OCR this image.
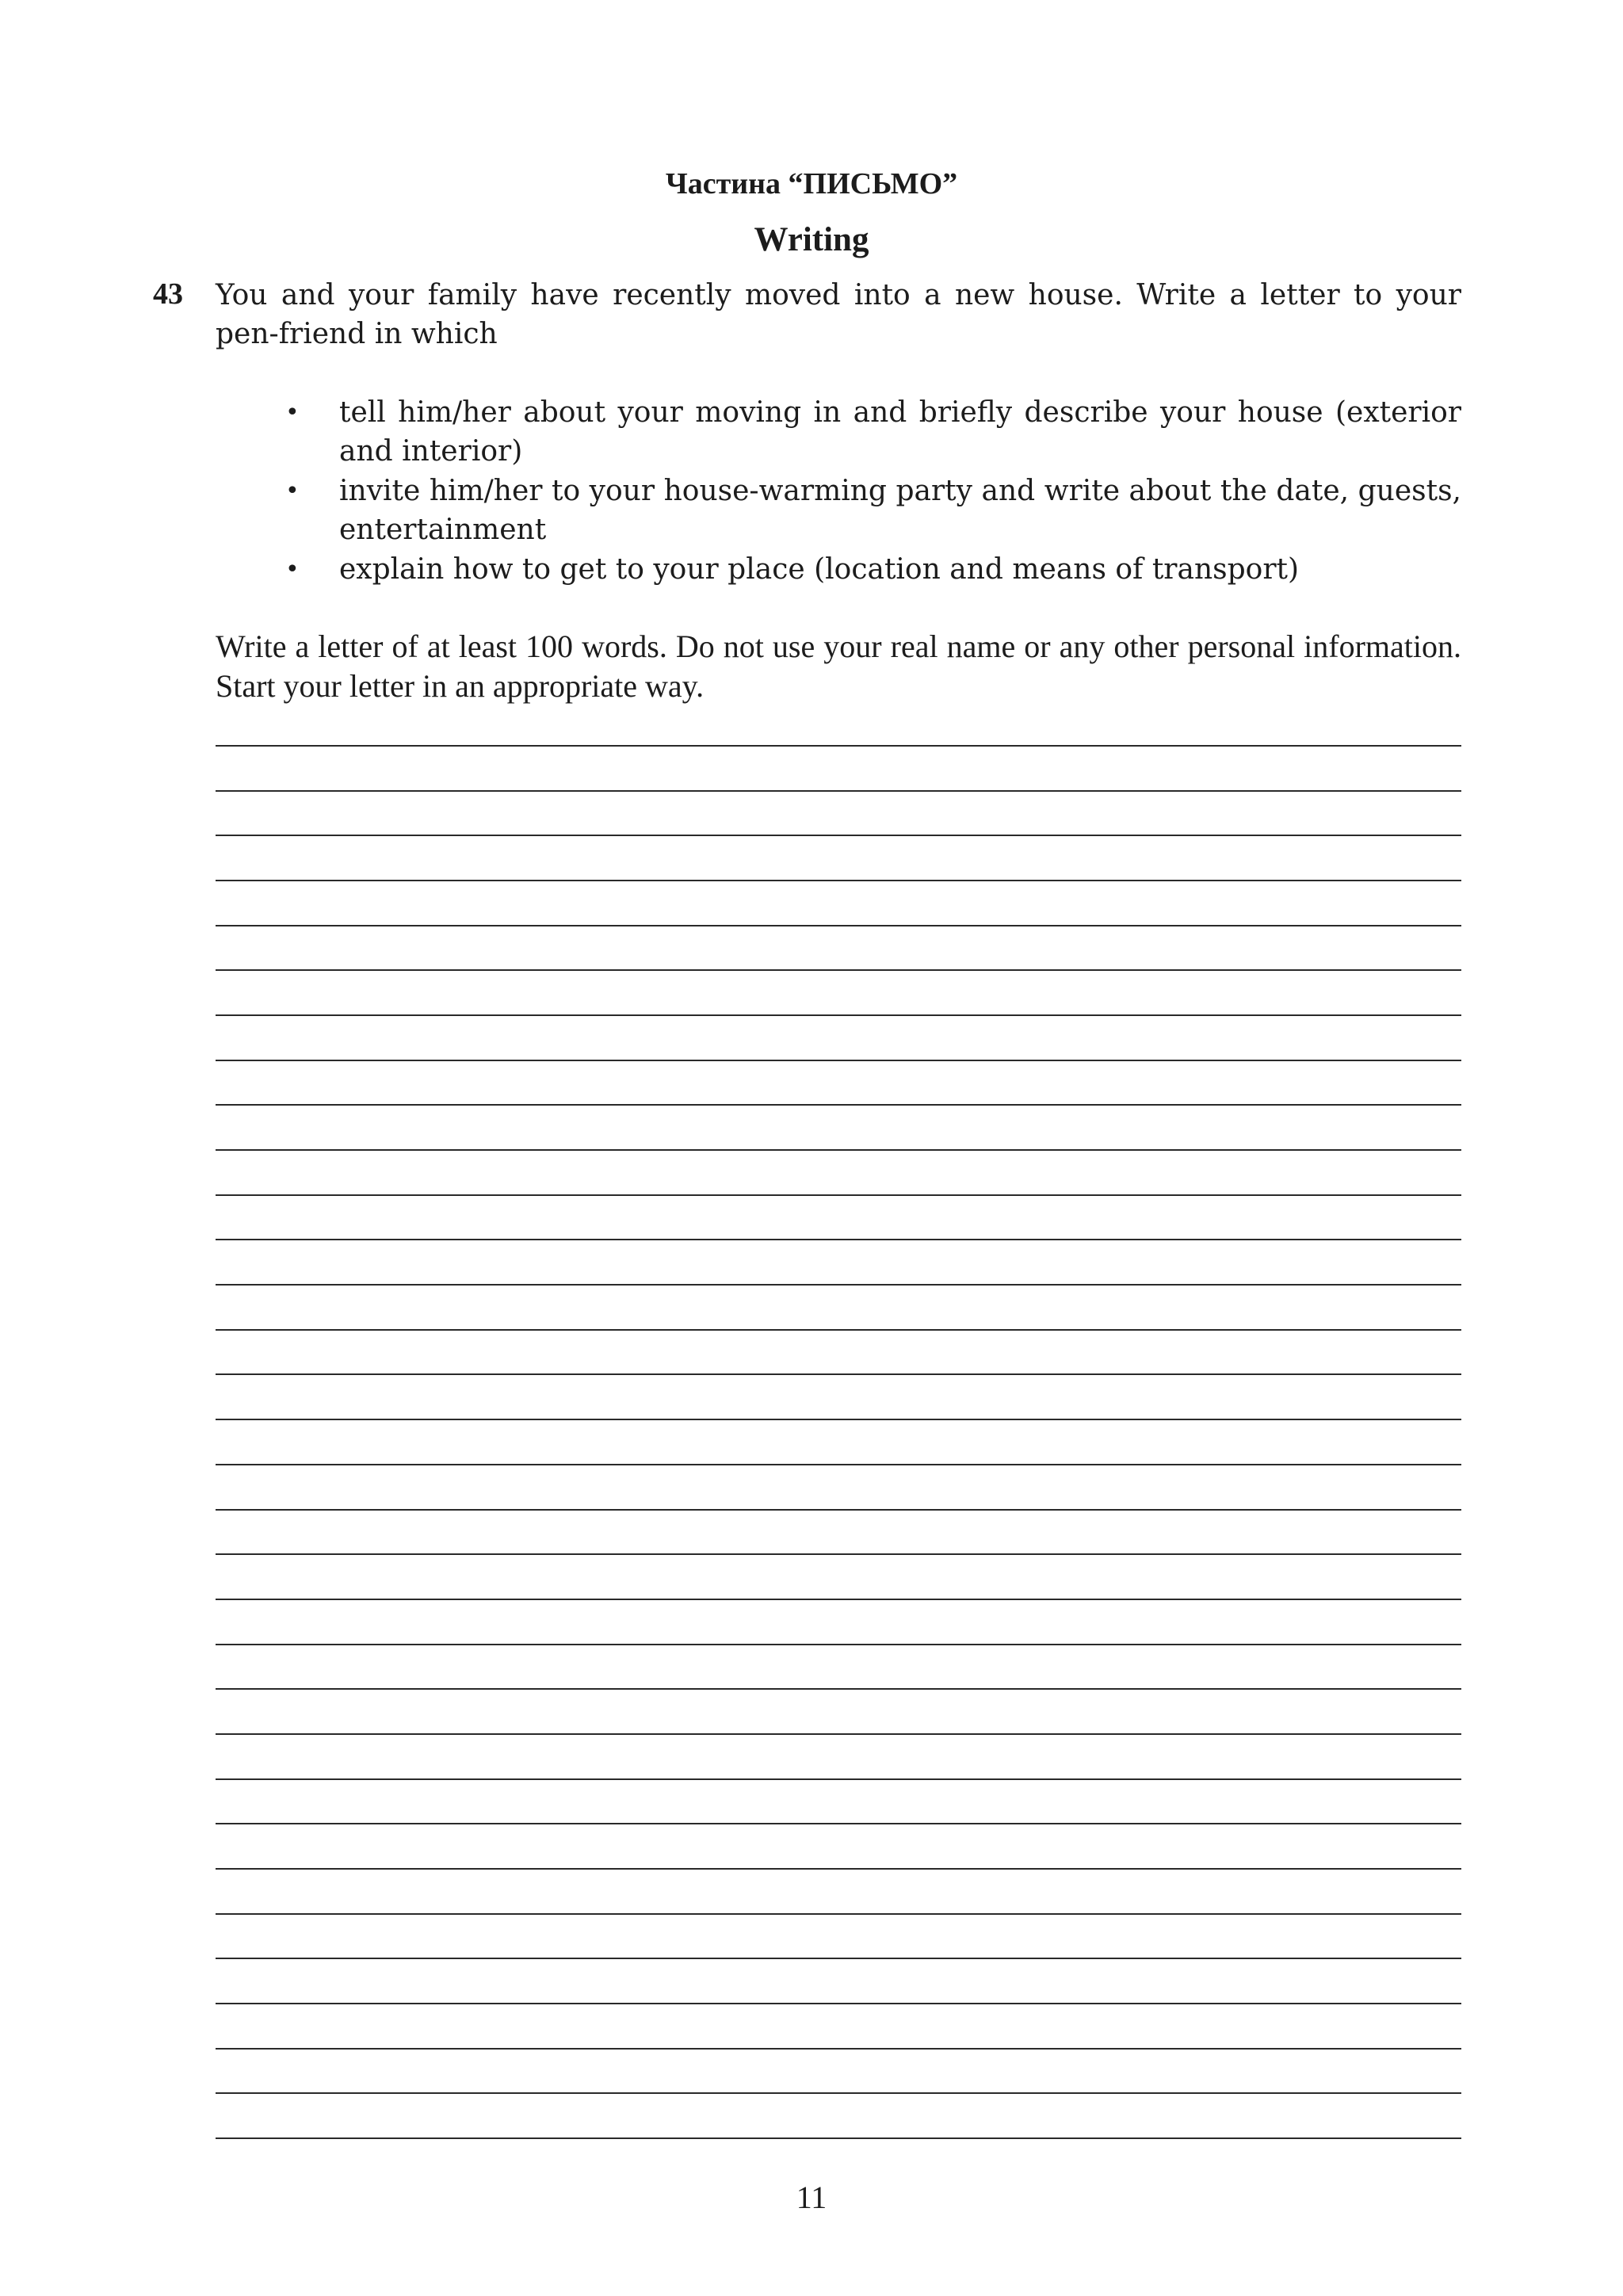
Частина “ПИСЬМО”
Writing
43 You and your family have recently moved into a new house. Write a letter to your pen-friend in which
• tell him/her about your moving in and briefly describe your house (exterior and interior)
• invite him/her to your house-warming party and write about the date, guests, entertainment
• explain how to get to your place (location and means of transport)
Write a letter of at least 100 words. Do not use your real name or any other personal information. Start your letter in an appropriate way.
11
